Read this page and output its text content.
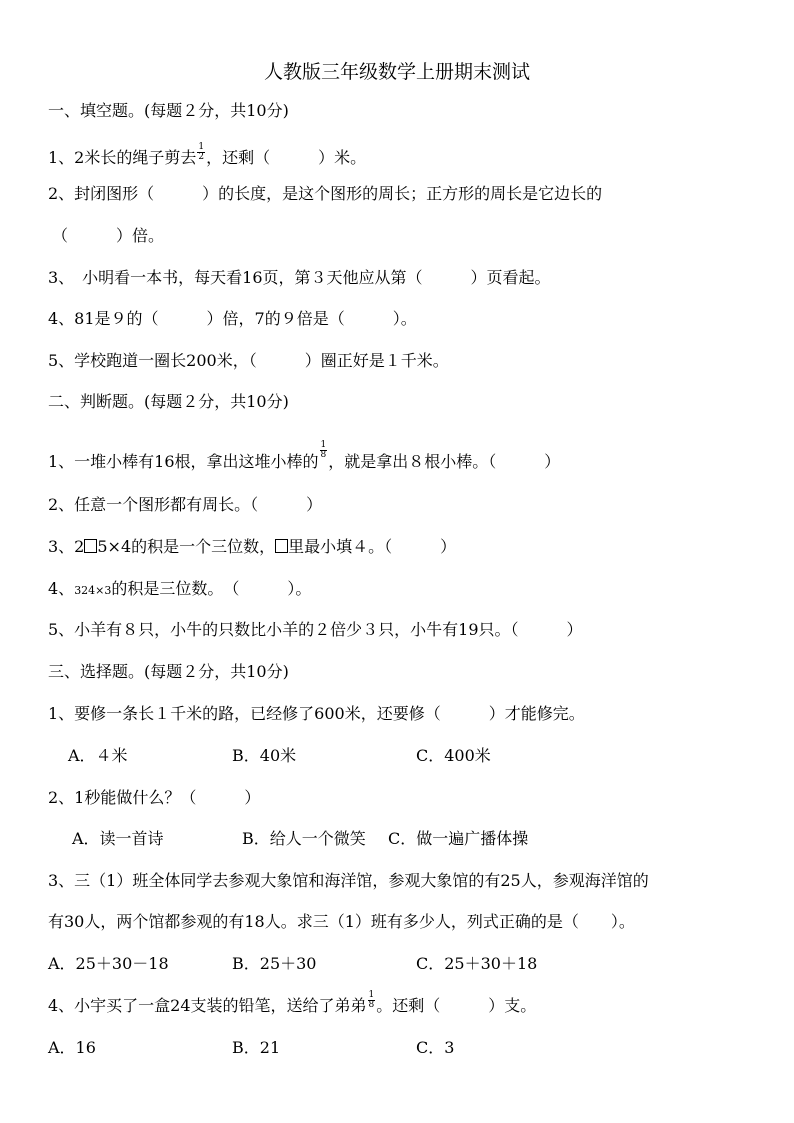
人教版三年级数学上册期末测试
一、填空题。(每题２分，共10分)
1、2米长的绳子剪去 $\frac{1}{2}$ ，还剩（　　　）米。
2、封闭图形（　　　）的长度，是这个图形的周长；正方形的周长是它边长的
（　　　）倍。
3、　小明看一本书，每天看16页，第３天他应从第（　　　）页看起。
4、81是９的（　　　）倍，7的９倍是（　　　）。
5、学校跑道一圈长200米，（　　　）圈正好是１千米。
二、判断题。(每题２分，共10分)
1、一堆小棒有16根，拿出这堆小棒的
$\frac{1}{8}$
，就是拿出８根小棒。（　　　）
2、任意一个图形都有周长。（　　　）
3、2 5×4的积是一个三位数， 里最小填４。（　　　）
4、324×3的积是三位数。　（　　　）。
5、小羊有８只，小牛的只数比小羊的２倍少３只，小牛有19只。（　　　）
三、选择题。(每题２分，共10分)
1、要修一条长１千米的路，已经修了600米，还要修（　　　）才能修完。
A．４米	B．40米	C．400米
2、1秒能做什么？（　　　）
A．读一首诗	B．给人一个微笑 C．做一遍广播体操
3、三（1）班全体同学去参观大象馆和海洋馆，参观大象馆的有25人，参观海洋馆的
有30人，两个馆都参观的有18人。求三（1）班有多少人，列式正确的是（　　）。
A．25＋30－18	B．25＋30	C．25＋30＋18
4、小宇买了一盒24支装的铅笔，送给了弟弟 $\frac{1}{8}$ 。还剩（　　　）支。
A．16	B．21	C．3
